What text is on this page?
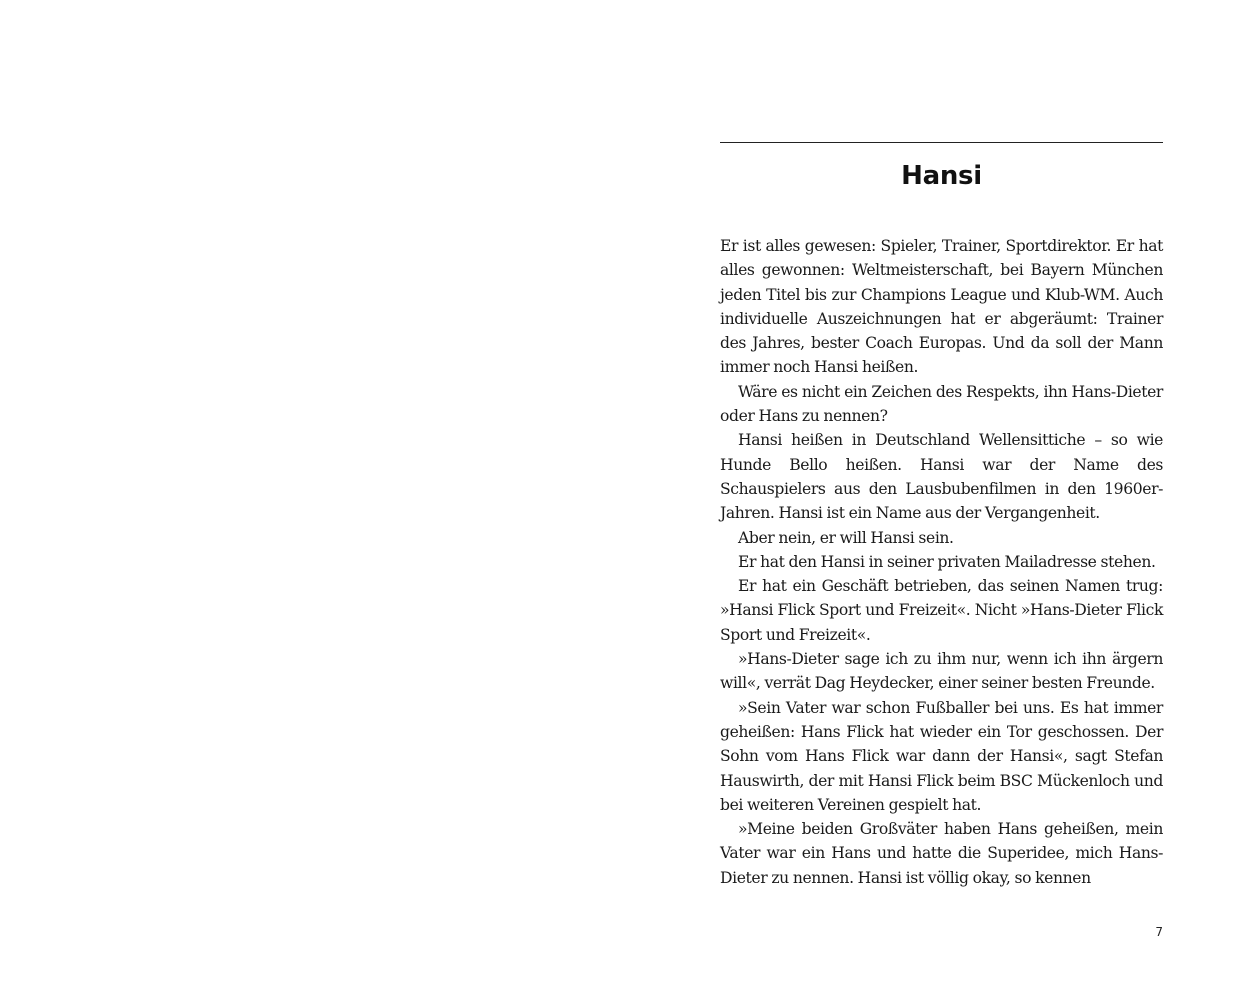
Hansi

Er ist alles gewesen: Spieler, Trainer, Sportdirektor. Er hat alles gewonnen: Weltmeisterschaft, bei Bayern München jeden Titel bis zur Champions League und Klub-WM. Auch individuelle Auszeichnungen hat er abgeräumt: Trainer des Jahres, bester Coach Europas. Und da soll der Mann immer noch Hansi heißen.

Wäre es nicht ein Zeichen des Respekts, ihn Hans-Dieter oder Hans zu nennen?

Hansi heißen in Deutschland Wellensittiche – so wie Hunde Bello heißen. Hansi war der Name des Schauspielers aus den Lausbubenfilmen in den 1960er-Jahren. Hansi ist ein Name aus der Vergangenheit.

Aber nein, er will Hansi sein.

Er hat den Hansi in seiner privaten Mailadresse stehen.

Er hat ein Geschäft betrieben, das seinen Namen trug: »Hansi Flick Sport und Freizeit«. Nicht »Hans-Dieter Flick Sport und Freizeit«.

»Hans-Dieter sage ich zu ihm nur, wenn ich ihn ärgern will«, verrät Dag Heydecker, einer seiner besten Freunde.

»Sein Vater war schon Fußballer bei uns. Es hat immer geheißen: Hans Flick hat wieder ein Tor geschossen. Der Sohn vom Hans Flick war dann der Hansi«, sagt Stefan Hauswirth, der mit Hansi Flick beim BSC Mückenloch und bei weiteren Vereinen gespielt hat.

»Meine beiden Großväter haben Hans geheißen, mein Vater war ein Hans und hatte die Superidee, mich Hans-Dieter zu nennen. Hansi ist völlig okay, so kennen

7
